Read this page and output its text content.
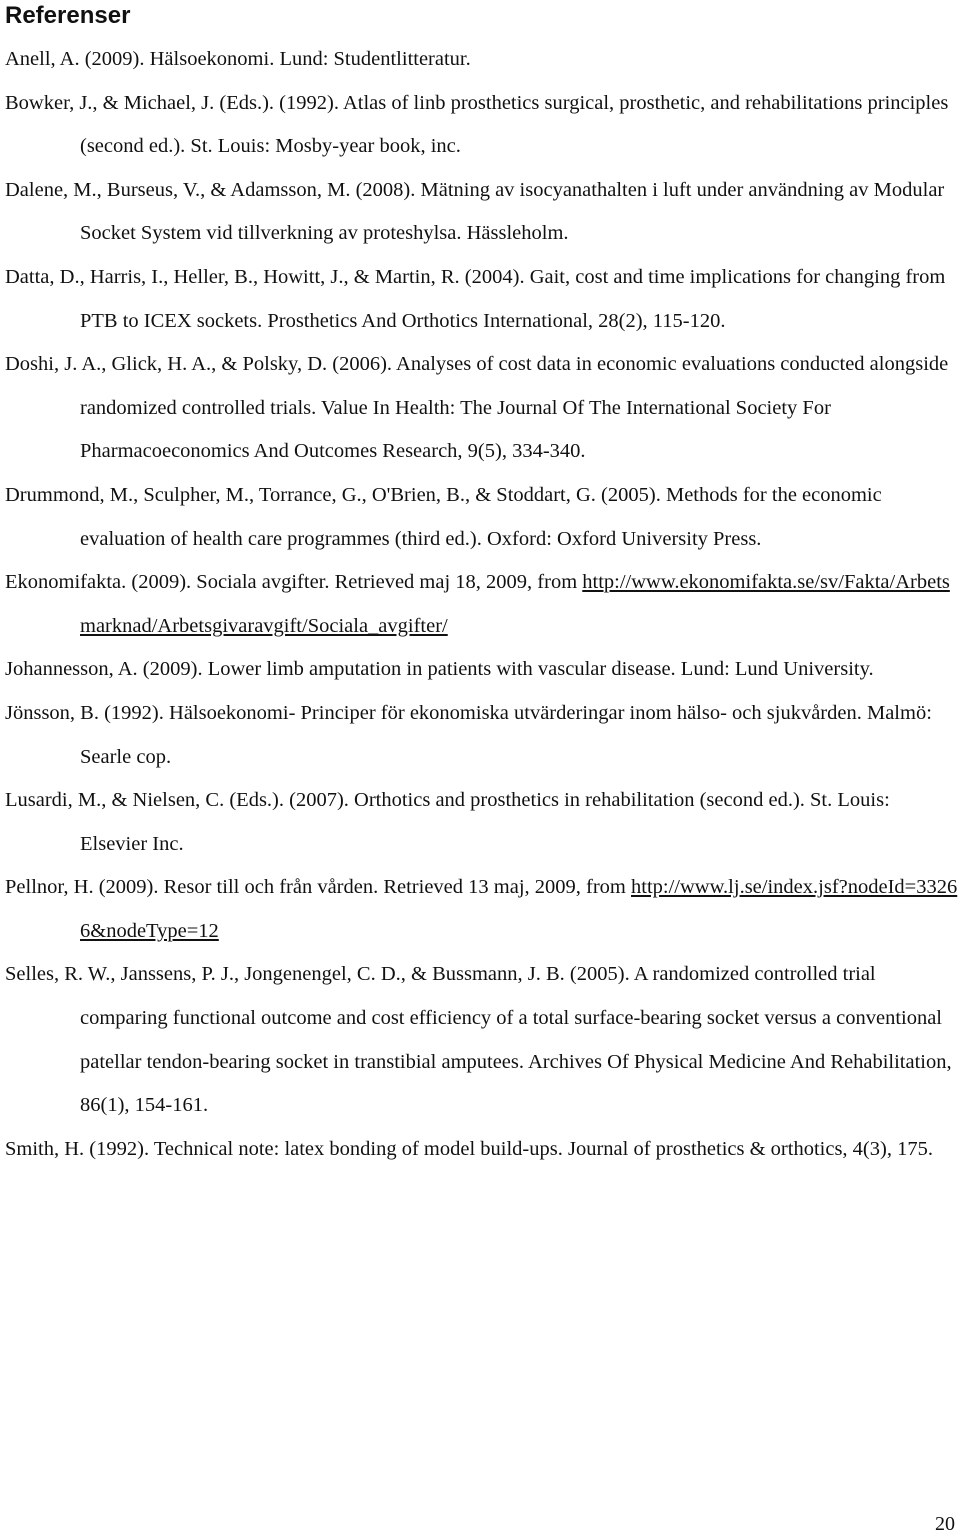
Referenser

Anell, A. (2009). Hälsoekonomi. Lund: Studentlitteratur.

Bowker, J., & Michael, J. (Eds.). (1992). Atlas of linb prosthetics surgical, prosthetic, and rehabilitations principles (second ed.). St. Louis: Mosby-year book, inc.

Dalene, M., Burseus, V., & Adamsson, M. (2008). Mätning av isocyanathalten i luft under användning av Modular Socket System vid tillverkning av proteshylsa. Hässleholm.

Datta, D., Harris, I., Heller, B., Howitt, J., & Martin, R. (2004). Gait, cost and time implications for changing from PTB to ICEX sockets. Prosthetics And Orthotics International, 28(2), 115-120.

Doshi, J. A., Glick, H. A., & Polsky, D. (2006). Analyses of cost data in economic evaluations conducted alongside randomized controlled trials. Value In Health: The Journal Of The International Society For Pharmacoeconomics And Outcomes Research, 9(5), 334-340.

Drummond, M., Sculpher, M., Torrance, G., O'Brien, B., & Stoddart, G. (2005). Methods for the economic evaluation of health care programmes (third ed.). Oxford: Oxford University Press.

Ekonomifakta. (2009). Sociala avgifter. Retrieved maj 18, 2009, from http://www.ekonomifakta.se/sv/Fakta/Arbetsmarknad/Arbetsgivaravgift/Sociala_avgifter/

Johannesson, A. (2009). Lower limb amputation in patients with vascular disease. Lund: Lund University.

Jönsson, B. (1992). Hälsoekonomi- Principer för ekonomiska utvärderingar inom hälso- och sjukvården. Malmö: Searle cop.

Lusardi, M., & Nielsen, C. (Eds.). (2007). Orthotics and prosthetics in rehabilitation (second ed.). St. Louis: Elsevier Inc.

Pellnor, H. (2009). Resor till och från vården. Retrieved 13 maj, 2009, from http://www.lj.se/index.jsf?nodeId=33266&nodeType=12

Selles, R. W., Janssens, P. J., Jongenengel, C. D., & Bussmann, J. B. (2005). A randomized controlled trial comparing functional outcome and cost efficiency of a total surface-bearing socket versus a conventional patellar tendon-bearing socket in transtibial amputees. Archives Of Physical Medicine And Rehabilitation, 86(1), 154-161.

Smith, H. (1992). Technical note: latex bonding of model build-ups. Journal of prosthetics & orthotics, 4(3), 175.

20
